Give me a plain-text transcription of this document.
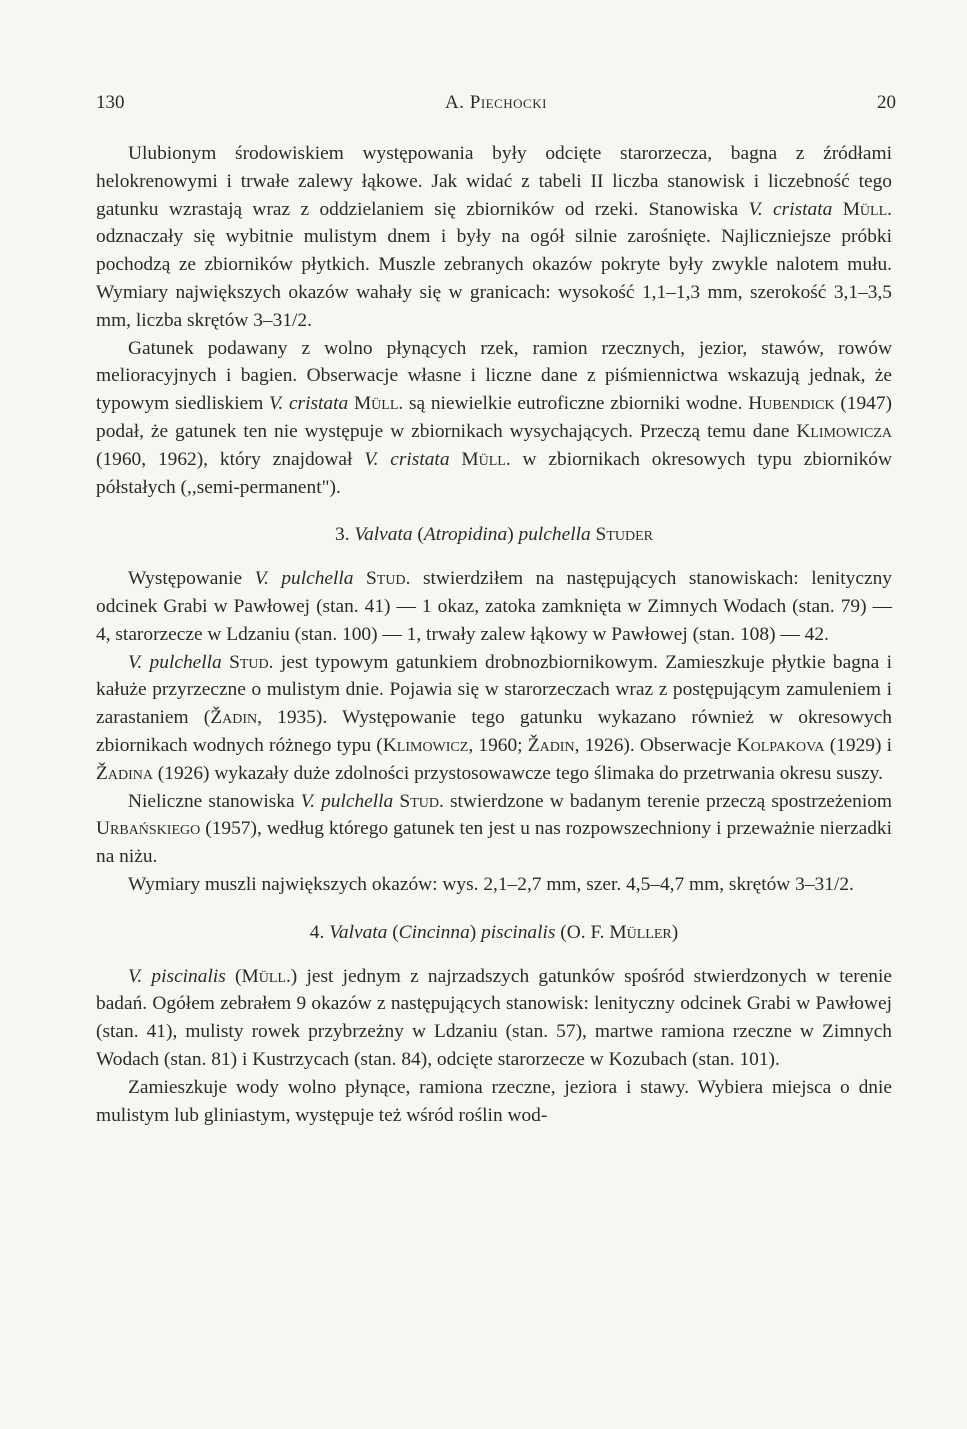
130	A. Piechocki	20

Ulubionym środowiskiem występowania były odcięte starorzecza, bagna z źródłami helokrenowymi i trwałe zalewy łąkowe. Jak widać z tabeli II liczba stanowisk i liczebność tego gatunku wzrastają wraz z oddzielaniem się zbiorników od rzeki. Stanowiska V. cristata Müll. odznaczały się wybitnie mulistym dnem i były na ogół silnie zarośnięte. Najliczniejsze próbki pochodzą ze zbiorników płytkich. Muszle zebranych okazów pokryte były zwykle nalotem mułu. Wymiary największych okazów wahały się w granicach: wysokość 1,1–1,3 mm, szerokość 3,1–3,5 mm, liczba skrętów 3–31/2.

Gatunek podawany z wolno płynących rzek, ramion rzecznych, jezior, stawów, rowów melioracyjnych i bagien. Obserwacje własne i liczne dane z piśmiennictwa wskazują jednak, że typowym siedliskiem V. cristata Müll. są niewielkie eutroficzne zbiorniki wodne. Hubendick (1947) podał, że gatunek ten nie występuje w zbiornikach wysychających. Przeczą temu dane Klimowicza (1960, 1962), który znajdował V. cristata Müll. w zbiornikach okresowych typu zbiorników półstałych (,,semi-permanent").

3. Valvata (Atropidina) pulchella Studer

Występowanie V. pulchella Stud. stwierdziłem na następujących stanowiskach: lenityczny odcinek Grabi w Pawłowej (stan. 41) — 1 okaz, zatoka zamknięta w Zimnych Wodach (stan. 79) — 4, starorzecze w Ldzaniu (stan. 100) — 1, trwały zalew łąkowy w Pawłowej (stan. 108) — 42.

V. pulchella Stud. jest typowym gatunkiem drobnozbiornikowym. Zamieszkuje płytkie bagna i kałuże przyrzeczne o mulistym dnie. Pojawia się w starorzeczach wraz z postępującym zamuleniem i zarastaniem (Žadin, 1935). Występowanie tego gatunku wykazano również w okresowych zbiornikach wodnych różnego typu (Klimowicz, 1960; Žadin, 1926). Obserwacje Kolpakova (1929) i Žadina (1926) wykazały duże zdolności przystosowawcze tego ślimaka do przetrwania okresu suszy.

Nieliczne stanowiska V. pulchella Stud. stwierdzone w badanym terenie przeczą spostrzeżeniom Urbańskiego (1957), według którego gatunek ten jest u nas rozpowszechniony i przeważnie nierzadki na niżu.

Wymiary muszli największych okazów: wys. 2,1–2,7 mm, szer. 4,5–4,7 mm, skrętów 3–31/2.

4. Valvata (Cincinna) piscinalis (O. F. Müller)

V. piscinalis (Müll.) jest jednym z najrzadszych gatunków spośród stwierdzonych w terenie badań. Ogółem zebrałem 9 okazów z następujących stanowisk: lenityczny odcinek Grabi w Pawłowej (stan. 41), mulisty rowek przybrzeżny w Ldzaniu (stan. 57), martwe ramiona rzeczne w Zimnych Wodach (stan. 81) i Kustrzycach (stan. 84), odcięte starorzecze w Kozubach (stan. 101).

Zamieszkuje wody wolno płynące, ramiona rzeczne, jeziora i stawy. Wybiera miejsca o dnie mulistym lub gliniastym, występuje też wśród roślin wod-
